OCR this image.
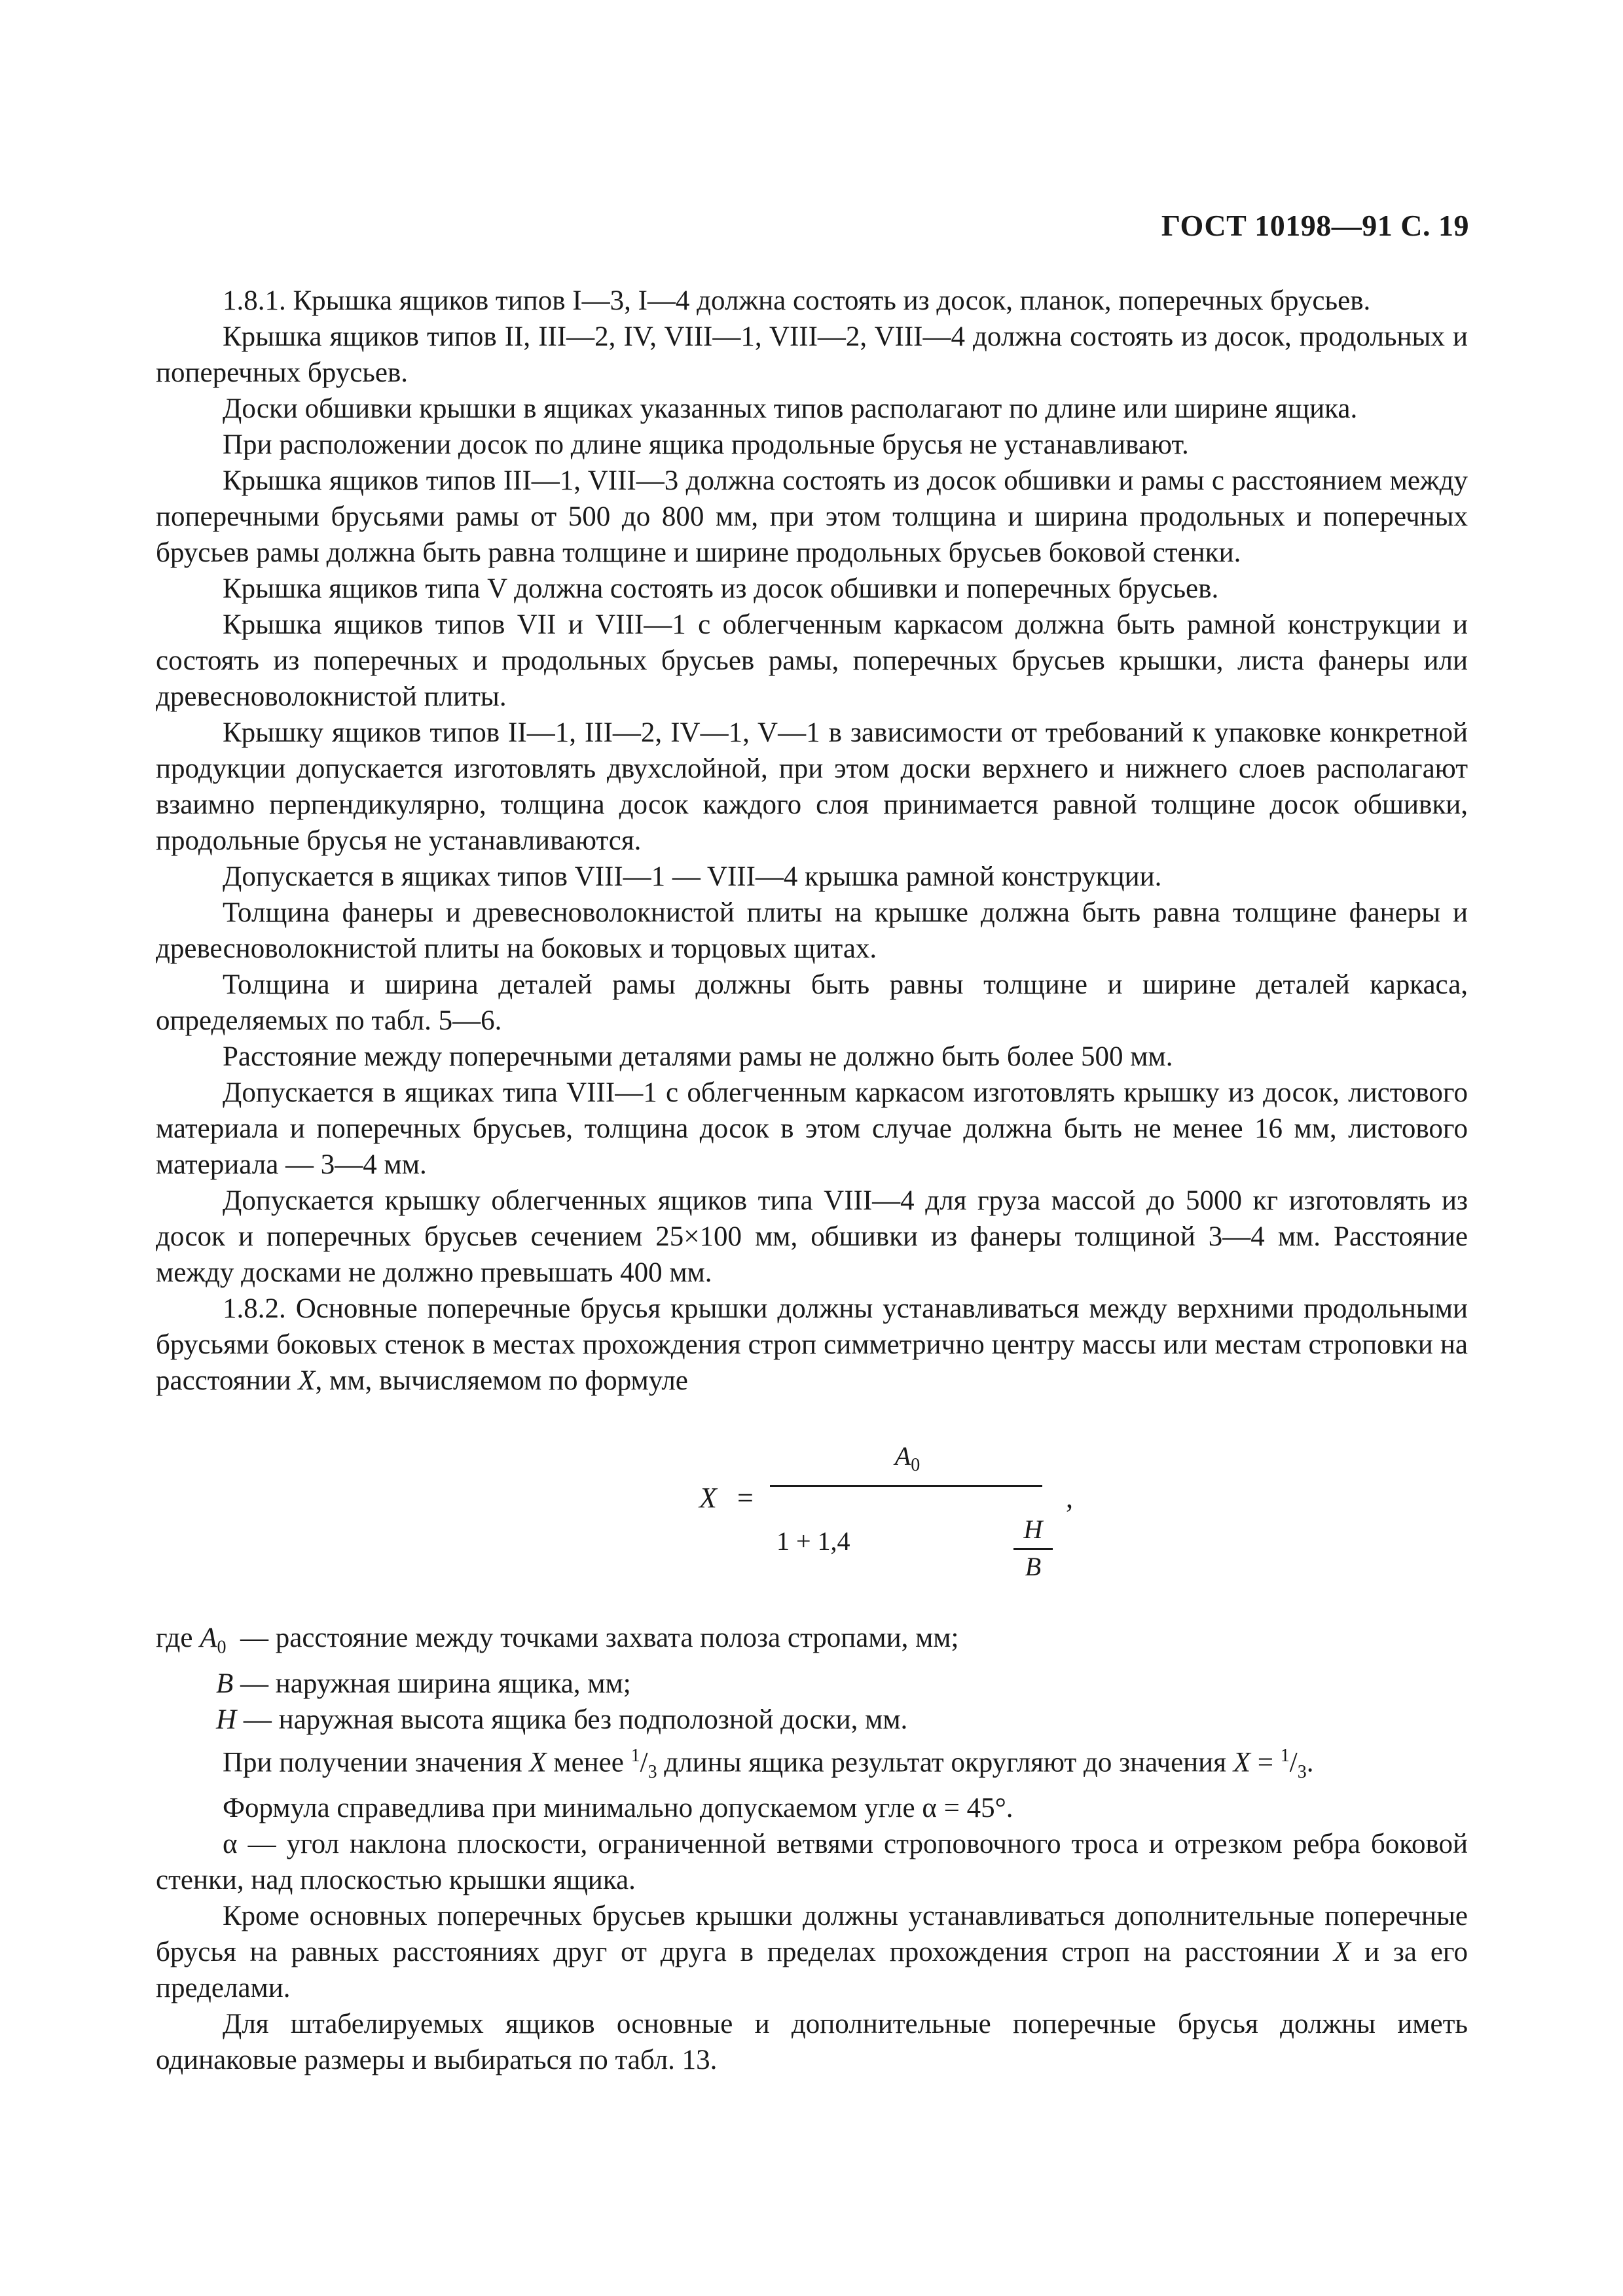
ГОСТ 10198—91 С. 19

1.8.1. Крышка ящиков типов I—3, I—4 должна состоять из досок, планок, поперечных брусьев.

Крышка ящиков типов II, III—2, IV, VIII—1, VIII—2, VIII—4 должна состоять из досок, продольных и поперечных брусьев.

Доски обшивки крышки в ящиках указанных типов располагают по длине или ширине ящика.

При расположении досок по длине ящика продольные брусья не устанавливают.

Крышка ящиков типов III—1, VIII—3 должна состоять из досок обшивки и рамы с расстоянием между поперечными брусьями рамы от 500 до 800 мм, при этом толщина и ширина продольных и поперечных брусьев рамы должна быть равна толщине и ширине продольных брусьев боковой стенки.

Крышка ящиков типа V должна состоять из досок обшивки и поперечных брусьев.

Крышка ящиков типов VII и VIII—1 с облегченным каркасом должна быть рамной конструкции и состоять из поперечных и продольных брусьев рамы, поперечных брусьев крышки, листа фанеры или древесноволокнистой плиты.

Крышку ящиков типов II—1, III—2, IV—1, V—1 в зависимости от требований к упаковке конкретной продукции допускается изготовлять двухслойной, при этом доски верхнего и нижнего слоев располагают взаимно перпендикулярно, толщина досок каждого слоя принимается равной толщине досок обшивки, продольные брусья не устанавливаются.

Допускается в ящиках типов VIII—1 — VIII—4 крышка рамной конструкции.

Толщина фанеры и древесноволокнистой плиты на крышке должна быть равна толщине фанеры и древесноволокнистой плиты на боковых и торцовых щитах.

Толщина и ширина деталей рамы должны быть равны толщине и ширине деталей каркаса, определяемых по табл. 5—6.

Расстояние между поперечными деталями рамы не должно быть более 500 мм.

Допускается в ящиках типа VIII—1 с облегченным каркасом изготовлять крышку из досок, листового материала и поперечных брусьев, толщина досок в этом случае должна быть не менее 16 мм, листового материала — 3—4 мм.

Допускается крышку облегченных ящиков типа VIII—4 для груза массой до 5000 кг изготовлять из досок и поперечных брусьев сечением 25×100 мм, обшивки из фанеры толщиной 3—4 мм. Расстояние между досками не должно превышать 400 мм.

1.8.2. Основные поперечные брусья крышки должны устанавливаться между верхними продольными брусьями боковых стенок в местах прохождения строп симметрично центру массы или местам строповки на расстоянии X, мм, вычисляемом по формуле

X =
$A_0$
1 + 1,4	H
B
,
где $A_0$ — расстояние между точками захвата полоза стропами, мм;
B — наружная ширина ящика, мм;
H — наружная высота ящика без подполозной доски, мм.

При получении значения X менее $^1/_3$ длины ящика результат округляют до значения $X = ^1/_3$.

Формула справедлива при минимально допускаемом угле α = 45°.

α — угол наклона плоскости, ограниченной ветвями строповочного троса и отрезком ребра боковой стенки, над плоскостью крышки ящика.

Кроме основных поперечных брусьев крышки должны устанавливаться дополнительные поперечные брусья на равных расстояниях друг от друга в пределах прохождения строп на расстоянии X и за его пределами.

Для штабелируемых ящиков основные и дополнительные поперечные брусья должны иметь одинаковые размеры и выбираться по табл. 13.
